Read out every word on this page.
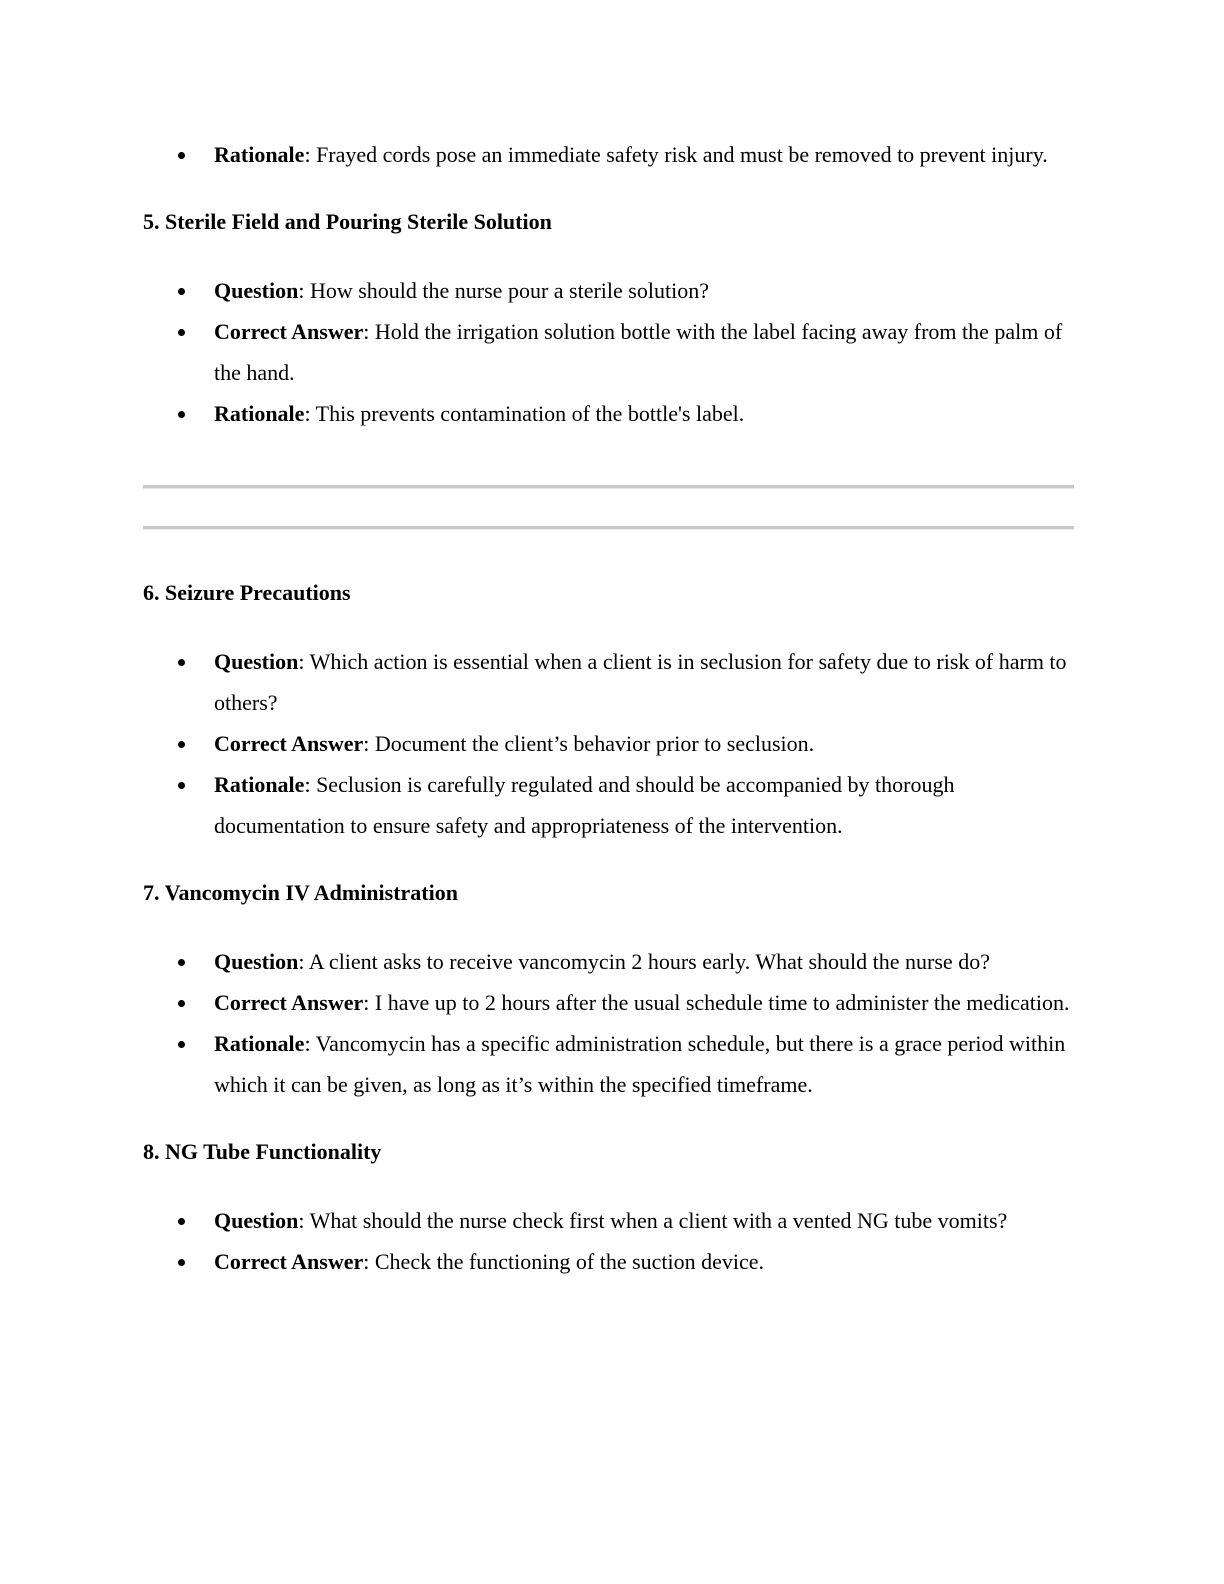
Rationale: Frayed cords pose an immediate safety risk and must be removed to prevent injury.
5. Sterile Field and Pouring Sterile Solution
Question: How should the nurse pour a sterile solution?
Correct Answer: Hold the irrigation solution bottle with the label facing away from the palm of the hand.
Rationale: This prevents contamination of the bottle's label.
6. Seizure Precautions
Question: Which action is essential when a client is in seclusion for safety due to risk of harm to others?
Correct Answer: Document the client’s behavior prior to seclusion.
Rationale: Seclusion is carefully regulated and should be accompanied by thorough documentation to ensure safety and appropriateness of the intervention.
7. Vancomycin IV Administration
Question: A client asks to receive vancomycin 2 hours early. What should the nurse do?
Correct Answer: I have up to 2 hours after the usual schedule time to administer the medication.
Rationale: Vancomycin has a specific administration schedule, but there is a grace period within which it can be given, as long as it’s within the specified timeframe.
8. NG Tube Functionality
Question: What should the nurse check first when a client with a vented NG tube vomits?
Correct Answer: Check the functioning of the suction device.
